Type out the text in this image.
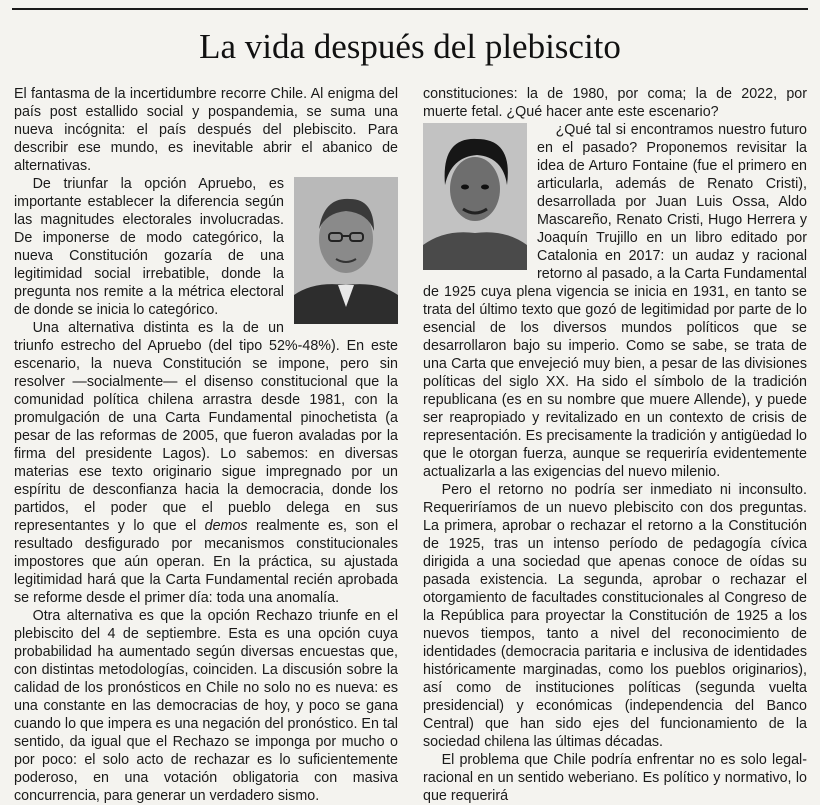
La vida después del plebiscito

El fantasma de la incertidumbre recorre Chile. Al enigma del país post estallido social y pospandemia, se suma una nueva incógnita: el país después del plebiscito. Para describir ese mundo, es inevitable abrir el abanico de alternativas.

De triunfar la opción Apruebo, es importante establecer la diferencia según las magnitudes electorales involucradas. De imponerse de modo categórico, la nueva Constitución gozaría de una legitimidad social irrebatible, donde la pregunta nos remite a la métrica electoral de donde se inicia lo categórico.

Una alternativa distinta es la de un triunfo estrecho del Apruebo (del tipo 52%-48%). En este escenario, la nueva Constitución se impone, pero sin resolver —socialmente— el disenso constitucional que la comunidad política chilena arrastra desde 1981, con la promulgación de una Carta Fundamental pinochetista (a pesar de las reformas de 2005, que fueron avaladas por la firma del presidente Lagos). Lo sabemos: en diversas materias ese texto originario sigue impregnado por un espíritu de desconfianza hacia la democracia, donde los partidos, el poder que el pueblo delega en sus representantes y lo que el demos realmente es, son el resultado desfigurado por mecanismos constitucionales impostores que aún operan. En la práctica, su ajustada legitimidad hará que la Carta Fundamental recién aprobada se reforme desde el primer día: toda una anomalía.

Otra alternativa es que la opción Rechazo triunfe en el plebiscito del 4 de septiembre. Esta es una opción cuya probabilidad ha aumentado según diversas encuestas que, con distintas metodologías, coinciden. La discusión sobre la calidad de los pronósticos en Chile no solo no es nueva: es una constante en las democracias de hoy, y poco se gana cuando lo que impera es una negación del pronóstico. En tal sentido, da igual que el Rechazo se imponga por mucho o por poco: el solo acto de rechazar es lo suficientemente poderoso, en una votación obligatoria con masiva concurrencia, para generar un verdadero sismo.

constituciones: la de 1980, por coma; la de 2022, por muerte fetal. ¿Qué hacer ante este escenario?

¿Qué tal si encontramos nuestro futuro en el pasado? Proponemos revisitar la idea de Arturo Fontaine (fue el primero en articularla, además de Renato Cristi), desarrollada por Juan Luis Ossa, Aldo Mascareño, Renato Cristi, Hugo Herrera y Joaquín Trujillo en un libro editado por Catalonia en 2017: un audaz y racional retorno al pasado, a la Carta Fundamental de 1925 cuya plena vigencia se inicia en 1931, en tanto se trata del último texto que gozó de legitimidad por parte de lo esencial de los diversos mundos políticos que se desarrollaron bajo su imperio. Como se sabe, se trata de una Carta que envejeció muy bien, a pesar de las divisiones políticas del siglo XX. Ha sido el símbolo de la tradición republicana (es en su nombre que muere Allende), y puede ser reapropiado y revitalizado en un contexto de crisis de representación. Es precisamente la tradición y antigüedad lo que le otorgan fuerza, aunque se requeriría evidentemente actualizarla a las exigencias del nuevo milenio.

Pero el retorno no podría ser inmediato ni inconsulto. Requeriríamos de un nuevo plebiscito con dos preguntas. La primera, aprobar o rechazar el retorno a la Constitución de 1925, tras un intenso período de pedagogía cívica dirigida a una sociedad que apenas conoce de oídas su pasada existencia. La segunda, aprobar o rechazar el otorgamiento de facultades constitucionales al Congreso de la República para proyectar la Constitución de 1925 a los nuevos tiempos, tanto a nivel del reconocimiento de identidades (democracia paritaria e inclusiva de identidades históricamente marginadas, como los pueblos originarios), así como de instituciones políticas (segunda vuelta presidencial) y económicas (independencia del Banco Central) que han sido ejes del funcionamiento de la sociedad chilena las últimas décadas.

El problema que Chile podría enfrentar no es solo legal-racional en un sentido weberiano. Es político y normativo, lo que requerirá
